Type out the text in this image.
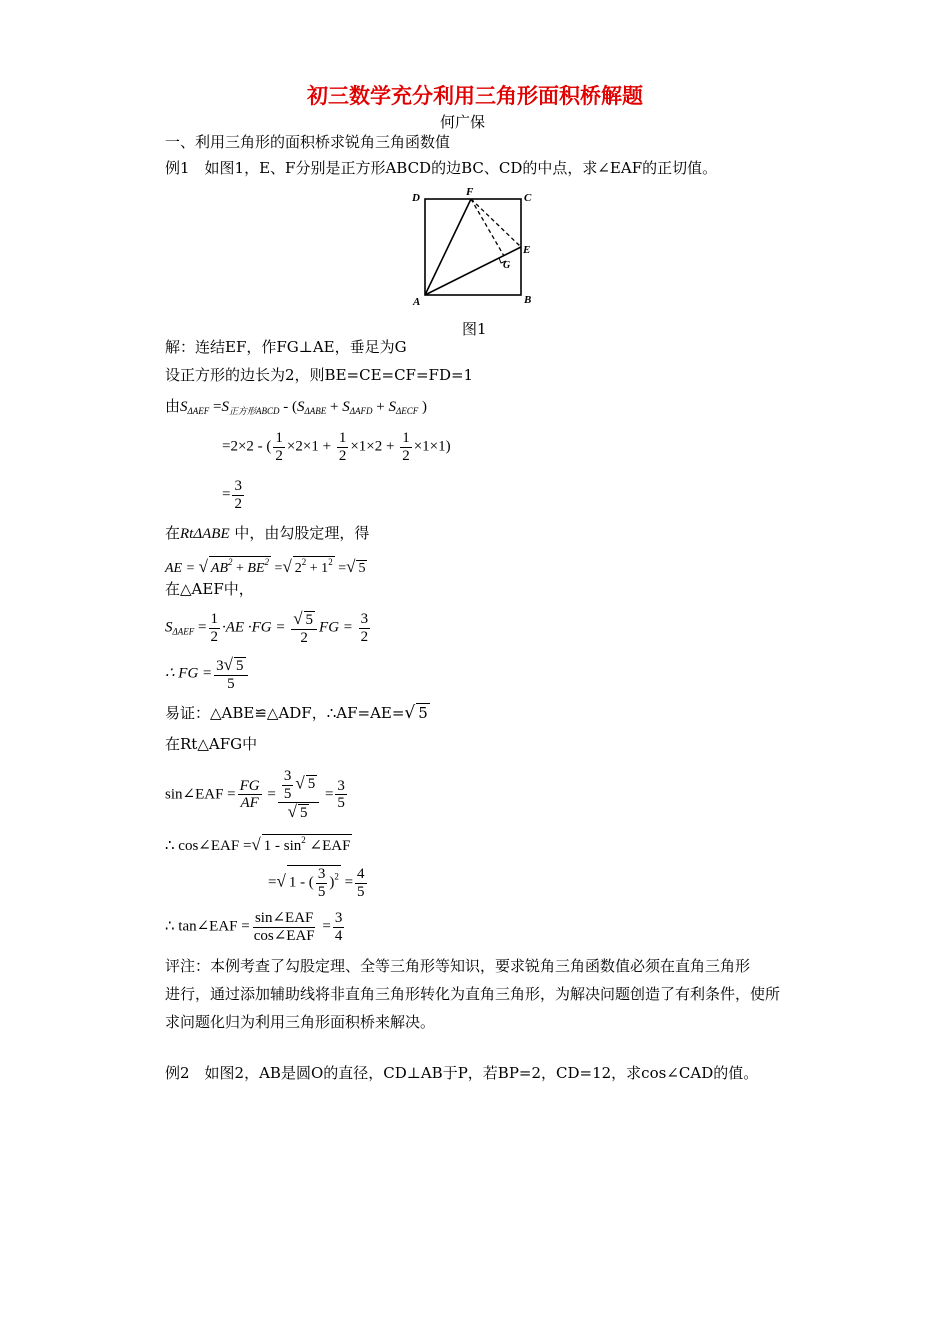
初三数学充分利用三角形面积桥解题
何广保
一、利用三角形的面积桥求锐角三角函数值
例1　如图1，E、F分别是正方形ABCD的边BC、CD的中点，求∠EAF的正切值。
D	F	C
E
G
A	B
图1
解：连结EF，作FG⊥AE，垂足为G
设正方形的边长为2，则BE=CE=CF=FD=1
由$S_{\Delta AEF} =S_{正方形ABCD} - (S_{\Delta ABE} + S_{\Delta AFD} + S_{\Delta ECF}$ )
=2×2 - ( $\frac{1}{2} \times 2\times 1 + \frac{1}{2} \times 1\times 2 + \frac{1}{2} \times 1\times 1$)
= $\frac{3}{2}$
在RtΔABE 中，由勾股定理，得
AE = √ $AB^2 + BE^2$ =√ $2^2 + 1^2$ =√ 5
在△AEF中，
$S_{\Delta AEF} = \frac{1}{2} \cdot AE \cdot FG = \frac{√ 5}{2}$ FG = $\frac{3}{2}$
∴ FG = $\frac{3√ 5}{5}$
易证：△ABE≌△ADF，∴AF=AE=√ 5
在Rt△AFG中
sin∠EAF = $\frac{FG}{AF} = \frac{\frac{3}{5} √ 5}{√ 5} = \frac{3}{5}$
∴ cos∠EAF =√ $1 - \sin^2$ ∠EAF
=√ 1 - ( $\frac{3}{5} )^2 = \frac{4}{5}$
∴ tan∠EAF = $\frac{\text{sin∠EAF}}{\text{cos∠EAF}} = \frac{3}{4}$
评注：本例考查了勾股定理、全等三角形等知识，要求锐角三角函数值必须在直角三角形
进行，通过添加辅助线将非直角三角形转化为直角三角形，为解决问题创造了有利条件，使所
求问题化归为利用三角形面积桥来解决。
例2　如图2，AB是圆O的直径，CD⊥AB于P，若BP=2，CD=12，求cos∠CAD的值。
